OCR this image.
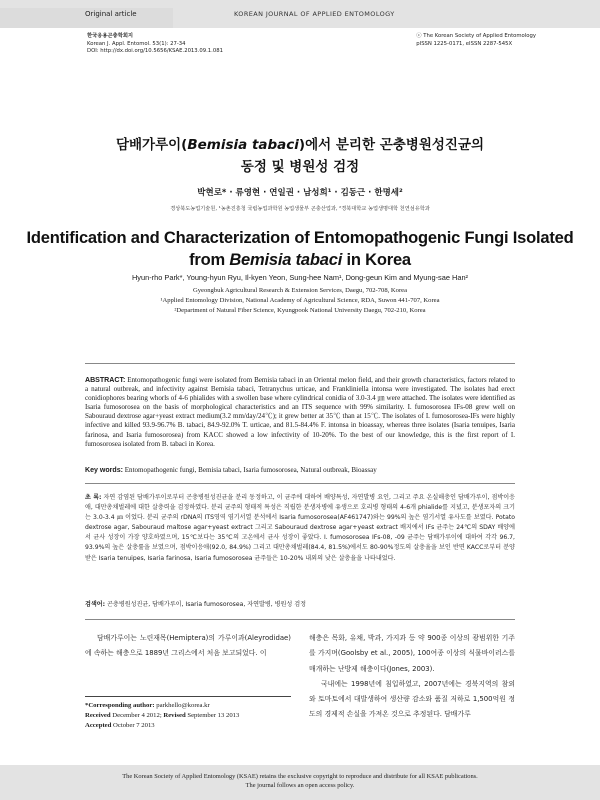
Original article	KOREAN JOURNAL OF APPLIED ENTOMOLOGY
한국응용곤충학회지
Korean J. Appl. Entomol. 53(1): 27-34
DOI: http://dx.doi.org/10.5656/KSAE.2013.09.1.081
ⓒ The Korean Society of Applied Entomology
pISSN 1225-0171, eISSN 2287-545X
담배가루이(Bemisia tabaci)에서 분리한 곤충병원성진균의
동정 및 병원성 검정
박현로* · 류영현 · 연일권 · 남성희¹ · 김동근 · 한명세²
경상북도농업기술원, ¹농촌진흥청 국립농업과학원 농업생물부 곤충산업과, ²경북대학교 농업생명대학 천연섬유학과
Identification and Characterization of Entomopathogenic Fungi Isolated
from Bemisia tabaci in Korea
Hyun-rho Park*, Young-hyun Ryu, Il-kyen Yeon, Sung-hee Nam¹, Dong-geun Kim and Myung-sae Han²
Gyeongbuk Agricultural Research & Extension Services, Daegu, 702-708, Korea
¹Applied Entomology Division, National Academy of Agricultural Science, RDA, Suwon 441-707, Korea
²Department of Natural Fiber Science, Kyungpook National University Daegu, 702-210, Korea
ABSTRACT: Entomopathogenic fungi were isolated from Bemisia tabaci in an Oriental melon field, and their growth characteristics, factors related to a natural outbreak, and infectivity against Bemisia tabaci, Tetranychus urticae, and Frankliniella intonsa were investigated. The isolates had erect conidiophores bearing whorls of 4-6 phialides with a swollen base where cylindrical conidia of 3.0-3.4 ㎛ were attached. The isolates were identified as Isaria fumosorosea on the basis of morphological characteristics and an ITS sequence with 99% similarity. I. fumosorosea IFs-08 grew well on Sabouraud dextrose agar+yeast extract medium(3.2 mm/day/24℃); it grew better at 35℃ than at 15℃. The isolates of I. fumosorosea-IFs were highly infective and killed 93.9-96.7% B. tabaci, 84.9-92.0% T. urticae, and 81.5-84.4% F. intonsa in bioassay, whereas three isolates (Isaria tenuipes, Isaria farinosa, and Isaria fumosorosea) from KACC showed a low infectivity of 10-20%. To the best of our knowledge, this is the first report of I. fumosorosea isolated from B. tabaci in Korea.
Key words: Entomopathogenic fungi, Bemisia tabaci, Isaria fumosorosea, Natural outbreak, Bioassay
초 록: 자연 감염된 담배가루이로부터 곤충병원성진균을 분리 동정하고, 이 균주에 대하여 배양특성, 자연발병 요인, 그리고 주요 온실해충인 담배가루이, 점박이응애, 대만총채벌레에 대한 살충력을 검정하였다. 분리 균주의 형태적 특성은 직립한 분생자병에 유생으로 호리병 형태의 4-6개 phialide를 지녔고, 분생포자의 크기는 3.0-3.4 ㎛ 이었다. 분리 균주의 rDNA의 ITS영역 염기서열 분석에서 Isaria fumosorosea(AF461747)와는 99%의 높은 염기서열 유사도를 보였다. Potato dextrose agar, Sabouraud maltose agar+yeast extract 그리고 Sabouraud dextrose agar+yeast extract 배지에서 IFs 균주는 24℃의 SDAY 배양에서 균사 성장이 가장 양호하였으며, 15℃보다는 35℃의 고온에서 균사 성장이 좋았다. I. fumosorosea IFs-08, -09 균주는 담배가루이에 대하여 각각 96.7, 93.9%의 높은 살충률을 보였으며, 점박이응애(92.0, 84.9%) 그리고 대만총채벌레(84.4, 81.5%)에서도 80-90%정도의 살충율을 보인 반면 KACC로부터 분양받은 Isaria tenuipes, Isaria farinosa, Isaria fumosorosea 균주들은 10-20% 내외의 낮은 살충율을 나타내었다.
검색어: 곤충병원성진균, 담배가루이, Isaria fumosorosea, 자연발병, 병원성 검정
담배가루이는 노린재목(Hemiptera)의 가루이과(Aleyrodidae)에 속하는 해충으로 1889년 그리스에서 처음 보고되었다. 이
해충은 목화, 유채, 박과, 가지과 등 약 900종 이상의 광범위한 기주를 가지며(Goolsby et al., 2005), 100여종 이상의 식물바이러스를 매개하는 난방제 해충이다(Jones, 2003).
국내에는 1998년에 침입하였고, 2007년에는 경북지역의 참외와 토마토에서 대발생하여 생산량 감소와 품질 저하로 1,500억원 정도의 경제적 손실을 가져온 것으로 추정된다. 담배가루
*Corresponding author: parkhello@korea.kr
Received December 4 2012; Revised September 13 2013
Accepted October 7 2013
The Korean Society of Applied Entomology (KSAE) retains the exclusive copyright to reproduce and distribute for all KSAE publications.
The journal follows an open access policy.
